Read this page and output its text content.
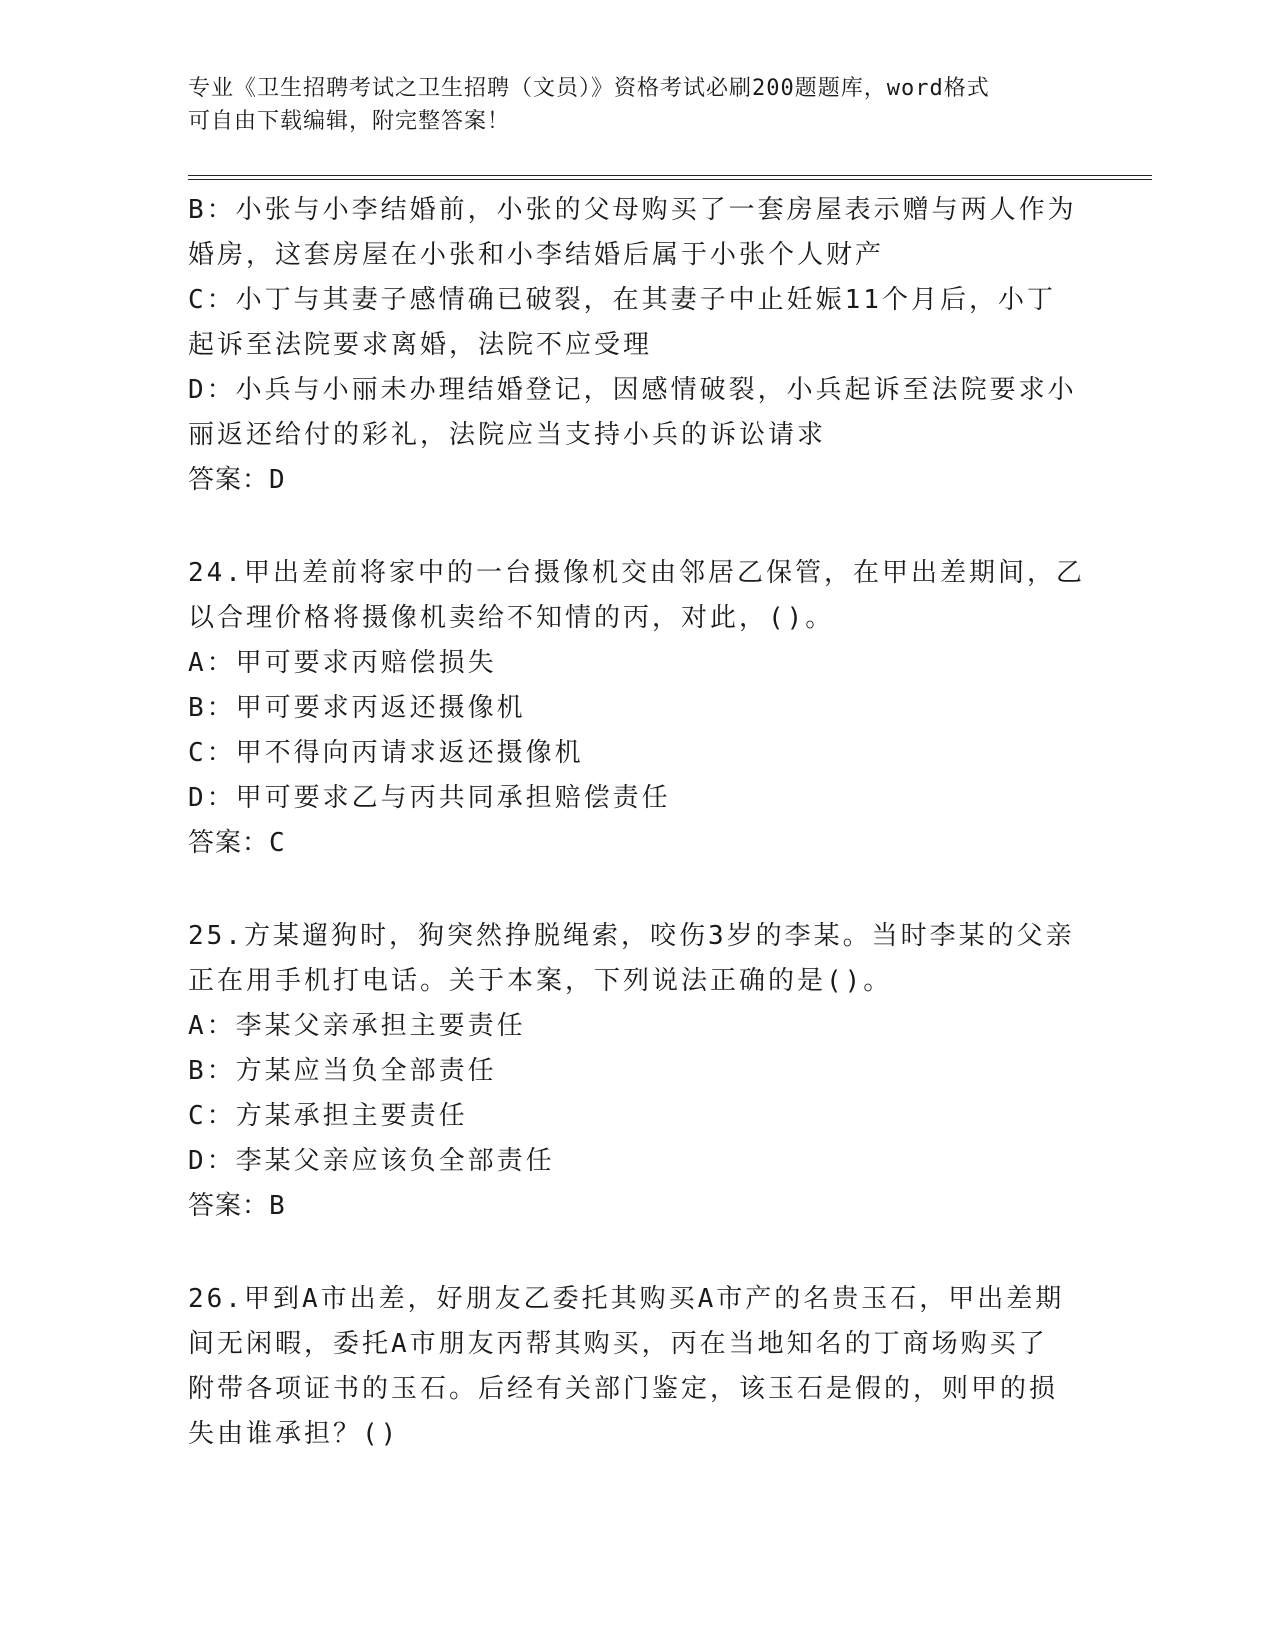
专业《卫生招聘考试之卫生招聘（文员）》资格考试必刷200题题库，word格式
可自由下载编辑，附完整答案！
B：小张与小李结婚前，小张的父母购买了一套房屋表示赠与两人作为
婚房，这套房屋在小张和小李结婚后属于小张个人财产
C：小丁与其妻子感情确已破裂，在其妻子中止妊娠11个月后，小丁
起诉至法院要求离婚，法院不应受理
D：小兵与小丽未办理结婚登记，因感情破裂，小兵起诉至法院要求小
丽返还给付的彩礼，法院应当支持小兵的诉讼请求
答案：D
24.甲出差前将家中的一台摄像机交由邻居乙保管，在甲出差期间，乙
以合理价格将摄像机卖给不知情的丙，对此，()。
A：甲可要求丙赔偿损失
B：甲可要求丙返还摄像机
C：甲不得向丙请求返还摄像机
D：甲可要求乙与丙共同承担赔偿责任
答案：C
25.方某遛狗时，狗突然挣脱绳索，咬伤3岁的李某。当时李某的父亲
正在用手机打电话。关于本案，下列说法正确的是()。
A：李某父亲承担主要责任
B：方某应当负全部责任
C：方某承担主要责任
D：李某父亲应该负全部责任
答案：B
26.甲到A市出差，好朋友乙委托其购买A市产的名贵玉石，甲出差期
间无闲暇，委托A市朋友丙帮其购买，丙在当地知名的丁商场购买了
附带各项证书的玉石。后经有关部门鉴定，该玉石是假的，则甲的损
失由谁承担？()
